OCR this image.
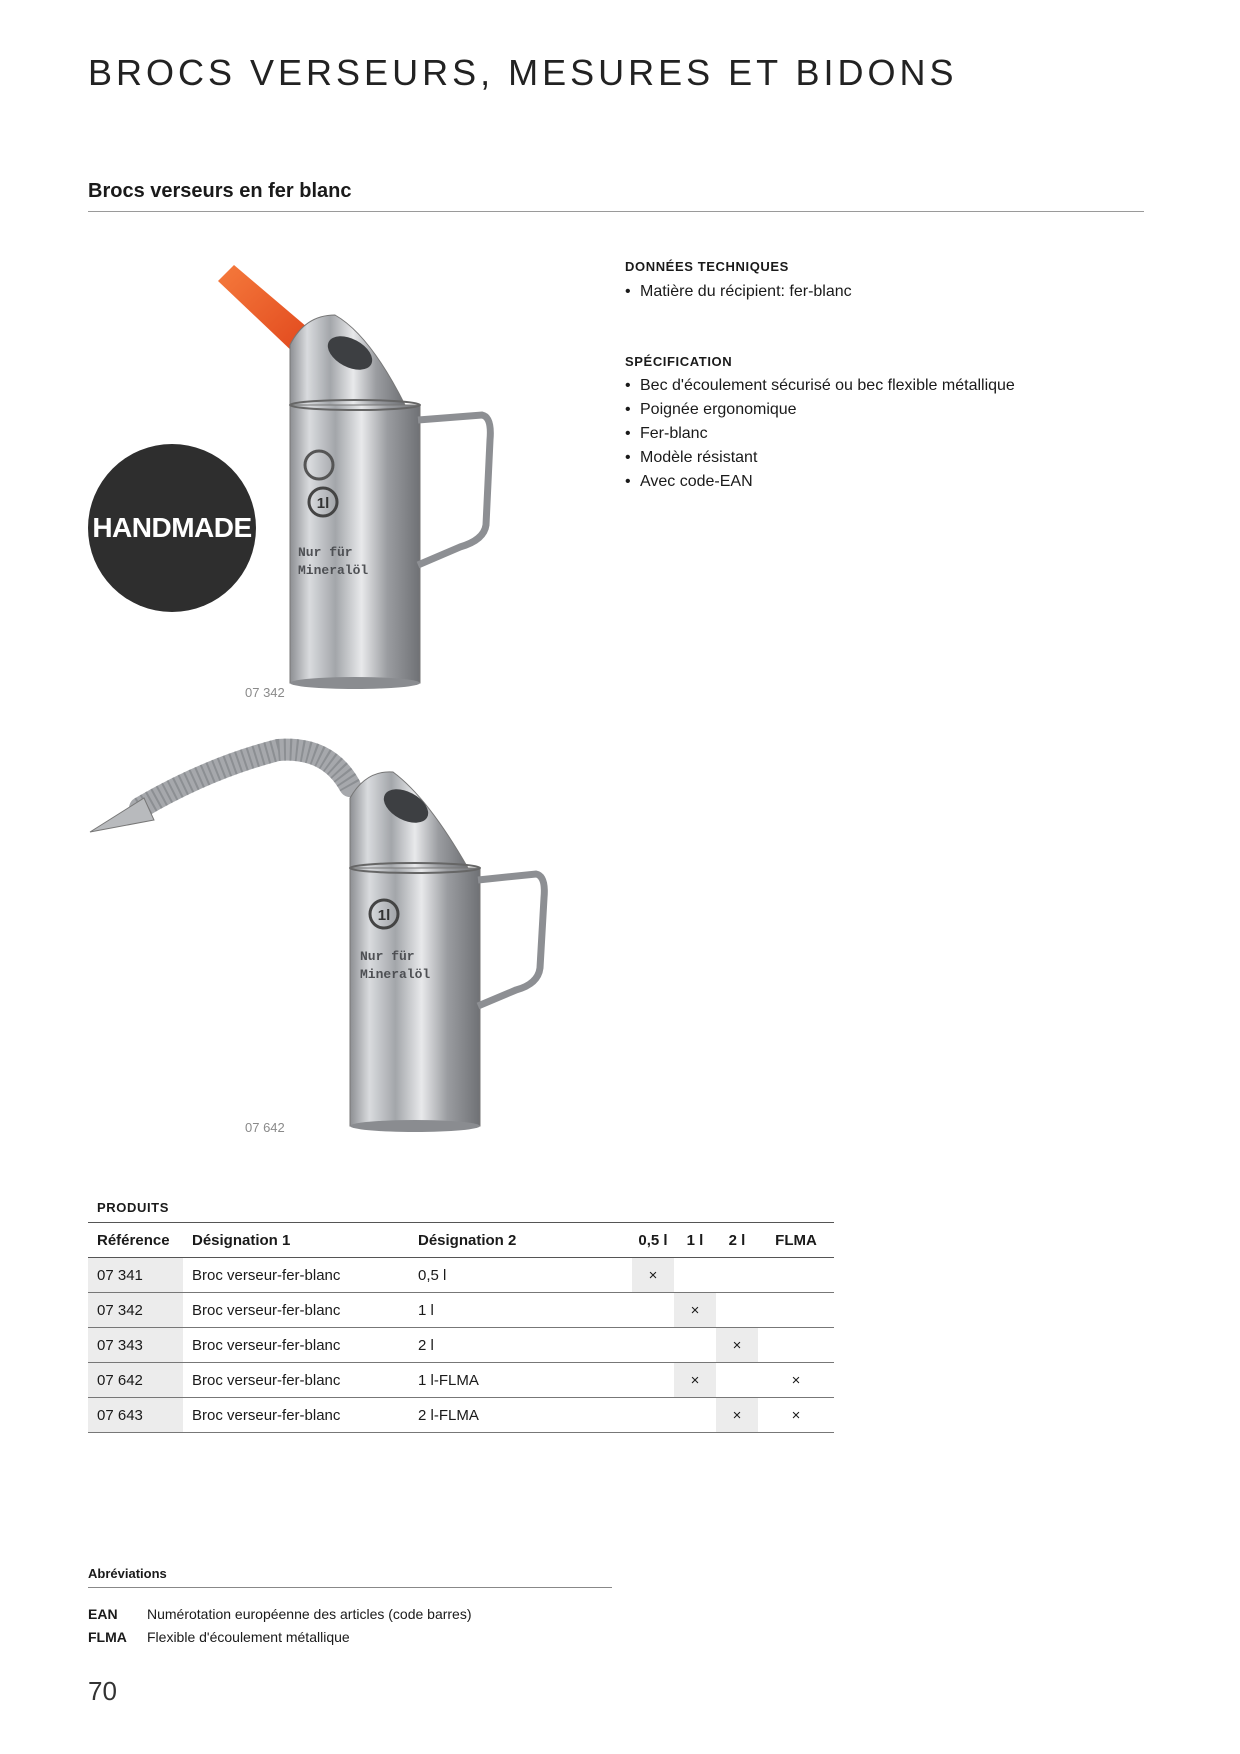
BROCS VERSEURS, MESURES ET BIDONS
Brocs verseurs en fer blanc
DONNÉES TECHNIQUES
• Matière du récipient: fer-blanc
SPÉCIFICATION
• Bec d'écoulement sécurisé ou bec flexible métallique
• Poignée ergonomique
• Fer-blanc
• Modèle résistant
• Avec code-EAN
1l
Nur für
Mineralöl
HANDMADE
07 342
1l
Nur für
Mineralöl
07 642
PRODUITS
Référence	Désignation 1	Désignation 2	0,5 l	1 l	2 l	FLMA
07 341	Broc verseur-fer-blanc	0,5 l	×			
07 342	Broc verseur-fer-blanc	1 l		×		
07 343	Broc verseur-fer-blanc	2 l			×	
07 642	Broc verseur-fer-blanc	1 l-FLMA		×		×
07 643	Broc verseur-fer-blanc	2 l-FLMA			×	×
Abréviations
EAN	Numérotation européenne des articles (code barres)
FLMA	Flexible d'écoulement métallique
70
